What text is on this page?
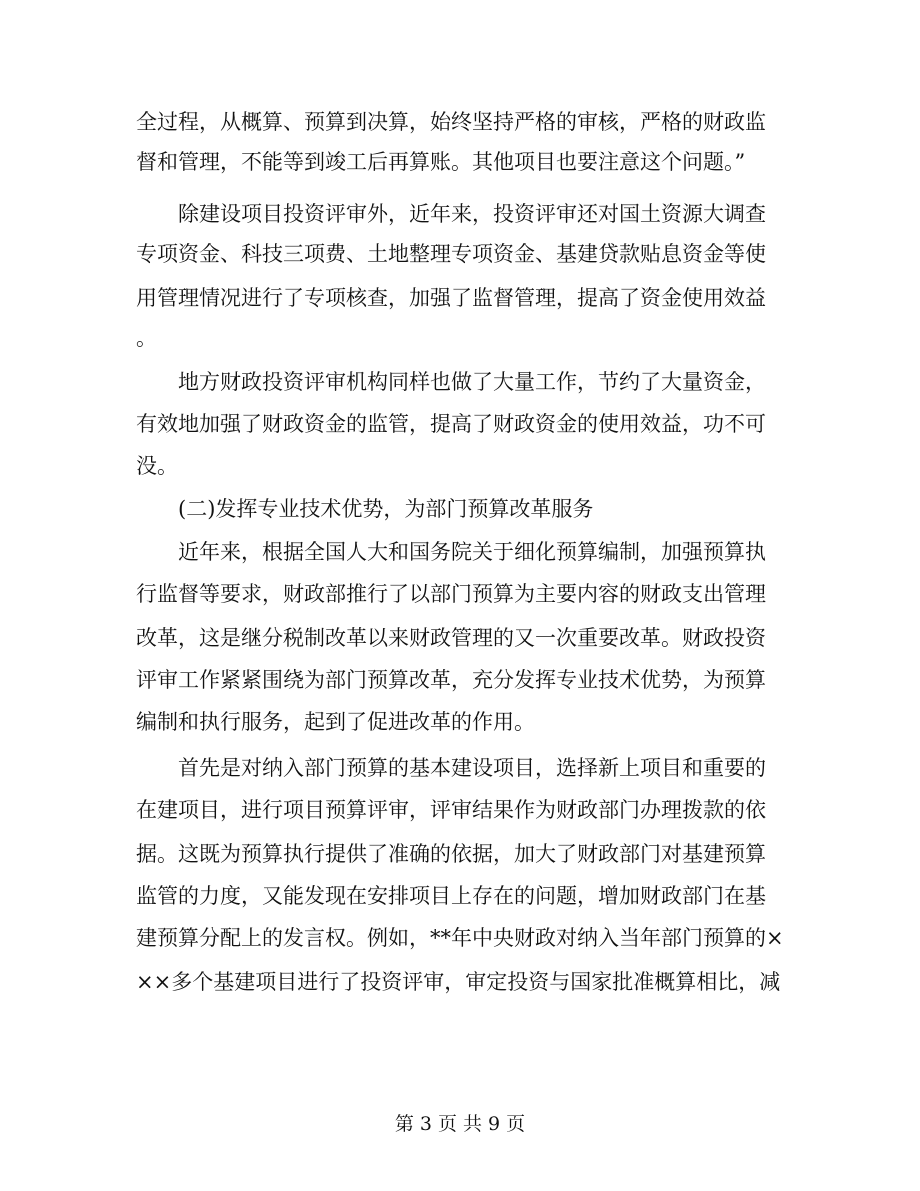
全过程，从概算、预算到决算，始终坚持严格的审核，严格的财政监
督和管理，不能等到竣工后再算账。其他项目也要注意这个问题。”
除建设项目投资评审外，近年来，投资评审还对国土资源大调查
专项资金、科技三项费、土地整理专项资金、基建贷款贴息资金等使
用管理情况进行了专项核查，加强了监督管理，提高了资金使用效益
。
地方财政投资评审机构同样也做了大量工作，节约了大量资金，
有效地加强了财政资金的监管，提高了财政资金的使用效益，功不可
没。
(二)发挥专业技术优势，为部门预算改革服务
近年来，根据全国人大和国务院关于细化预算编制，加强预算执
行监督等要求，财政部推行了以部门预算为主要内容的财政支出管理
改革，这是继分税制改革以来财政管理的又一次重要改革。财政投资
评审工作紧紧围绕为部门预算改革，充分发挥专业技术优势，为预算
编制和执行服务，起到了促进改革的作用。
首先是对纳入部门预算的基本建设项目，选择新上项目和重要的
在建项目，进行项目预算评审，评审结果作为财政部门办理拨款的依
据。这既为预算执行提供了准确的依据，加大了财政部门对基建预算
监管的力度，又能发现在安排项目上存在的问题，增加财政部门在基
建预算分配上的发言权。例如，**年中央财政对纳入当年部门预算的×
××多个基建项目进行了投资评审，审定投资与国家批准概算相比，减
第 3 页 共 9 页
